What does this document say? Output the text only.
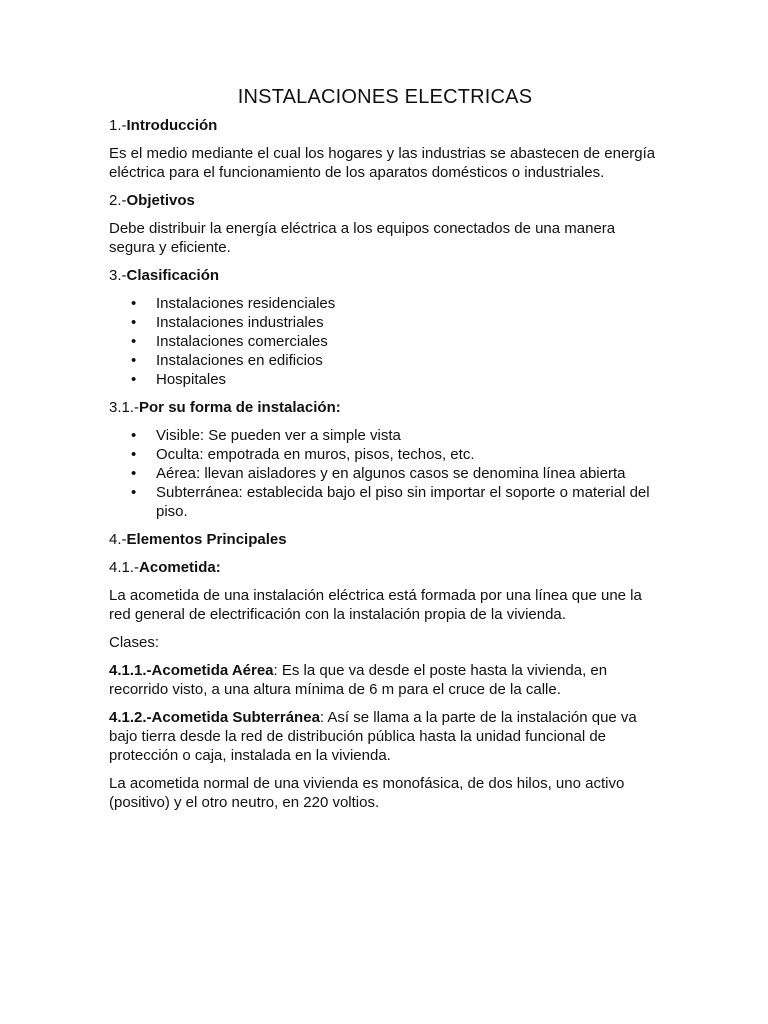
INSTALACIONES ELECTRICAS
1.-Introducción

Es el medio mediante el cual los hogares y las industrias se abastecen de energía eléctrica para el funcionamiento de los aparatos domésticos o industriales.

2.-Objetivos

Debe distribuir la energía eléctrica a los equipos conectados de una manera segura y eficiente.

3.-Clasificación
• Instalaciones residenciales
• Instalaciones industriales
• Instalaciones comerciales
• Instalaciones en edificios
• Hospitales
3.1.-Por su forma de instalación:
• Visible: Se pueden ver a simple vista
• Oculta: empotrada en muros, pisos, techos, etc.
• Aérea: llevan aisladores y en algunos casos se denomina línea abierta
• Subterránea: establecida bajo el piso sin importar el soporte o material del piso.
4.-Elementos Principales
4.1.-Acometida:

La acometida de una instalación eléctrica está formada por una línea que une la red general de electrificación con la instalación propia de la vivienda.

Clases:

4.1.1.-Acometida Aérea: Es la que va desde el poste hasta la vivienda, en recorrido visto, a una altura mínima de 6 m para el cruce de la calle.

4.1.2.-Acometida Subterránea: Así se llama a la parte de la instalación que va bajo tierra desde la red de distribución pública hasta la unidad funcional de protección o caja, instalada en la vivienda.

La acometida normal de una vivienda es monofásica, de dos hilos, uno activo (positivo) y el otro neutro, en 220 voltios.
